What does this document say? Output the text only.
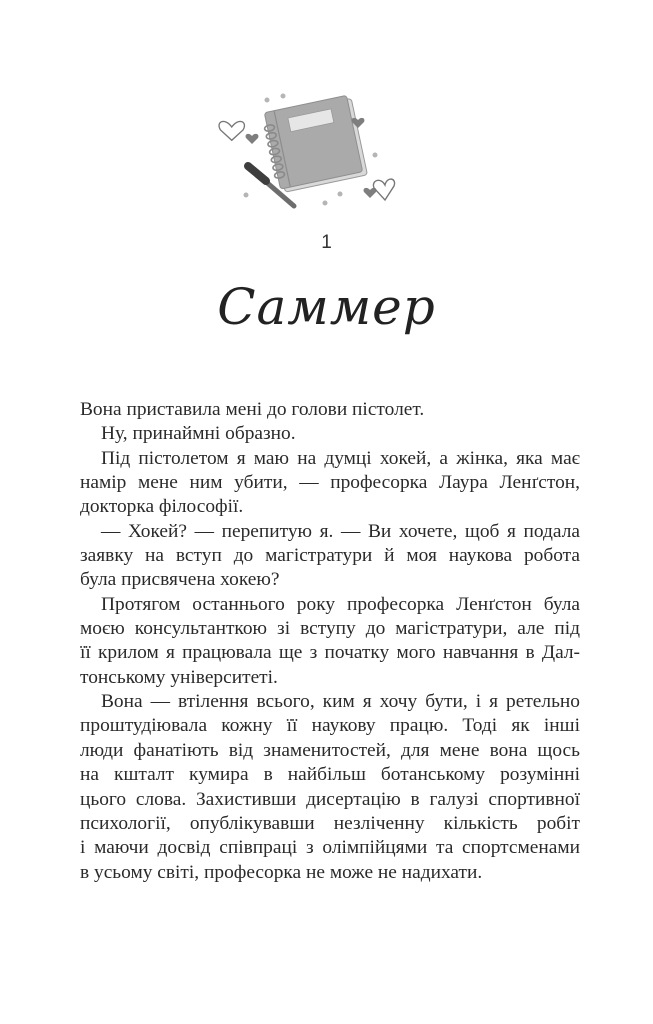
1
Саммер
Вона приставила мені до голови пістолет.
Ну, принаймні образно.
Під пістолетом я маю на думці хокей, а жінка, яка має
намір мене ним убити, — професорка Лаура Ленґстон,
докторка філософії.
— Хокей? — перепитую я. — Ви хочете, щоб я подала
заявку на вступ до магістратури й моя наукова робота
була присвячена хокею?
Протягом останнього року професорка Ленґстон була
моєю консультанткою зі вступу до магістратури, але під
її крилом я працювала ще з початку мого навчання в Дал-
тонському університеті.
Вона — втілення всього, ким я хочу бути, і я ретельно
проштудіювала кожну її наукову працю. Тоді як інші
люди фанатіють від знаменитостей, для мене вона щось
на кшталт кумира в найбільш ботанському розумінні
цього слова. Захистивши дисертацію в галузі спортивної
психології, опублікувавши незліченну кількість робіт
і маючи досвід співпраці з олімпійцями та спортсменами
в усьому світі, професорка не може не надихати.
